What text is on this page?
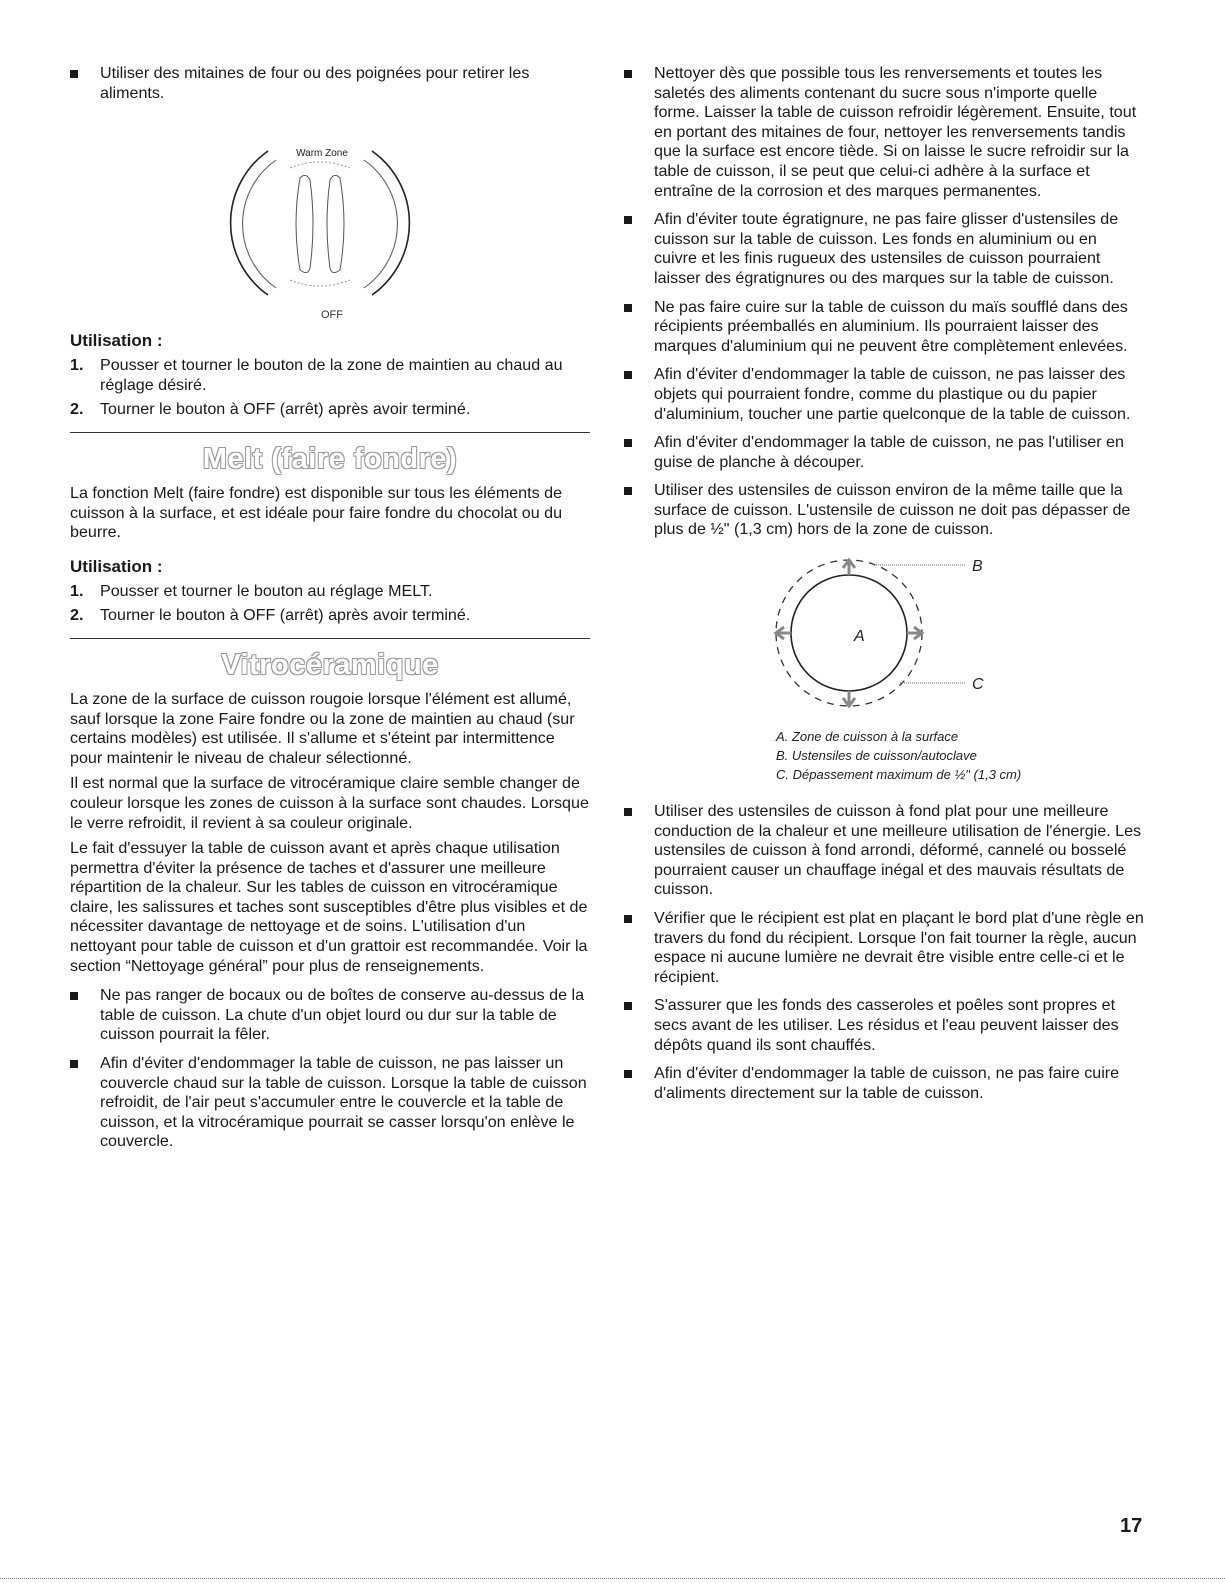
Utiliser des mitaines de four ou des poignées pour retirer les aliments.
Warm Zone
OFF
Utilisation :
1. Pousser et tourner le bouton de la zone de maintien au chaud au réglage désiré.
2. Tourner le bouton à OFF (arrêt) après avoir terminé.
Melt (faire fondre)

La fonction Melt (faire fondre) est disponible sur tous les éléments de cuisson à la surface, et est idéale pour faire fondre du chocolat ou du beurre.

Utilisation :
1. Pousser et tourner le bouton au réglage MELT.
2. Tourner le bouton à OFF (arrêt) après avoir terminé.
Vitrocéramique

La zone de la surface de cuisson rougoie lorsque l'élément est allumé, sauf lorsque la zone Faire fondre ou la zone de maintien au chaud (sur certains modèles) est utilisée. Il s'allume et s'éteint par intermittence pour maintenir le niveau de chaleur sélectionné.

Il est normal que la surface de vitrocéramique claire semble changer de couleur lorsque les zones de cuisson à la surface sont chaudes. Lorsque le verre refroidit, il revient à sa couleur originale.

Le fait d'essuyer la table de cuisson avant et après chaque utilisation permettra d'éviter la présence de taches et d'assurer une meilleure répartition de la chaleur. Sur les tables de cuisson en vitrocéramique claire, les salissures et taches sont susceptibles d'être plus visibles et de nécessiter davantage de nettoyage et de soins. L'utilisation d'un nettoyant pour table de cuisson et d'un grattoir est recommandée. Voir la section “Nettoyage général” pour plus de renseignements.

Ne pas ranger de bocaux ou de boîtes de conserve au-dessus de la table de cuisson. La chute d'un objet lourd ou dur sur la table de cuisson pourrait la fêler.
Afin d'éviter d'endommager la table de cuisson, ne pas laisser un couvercle chaud sur la table de cuisson. Lorsque la table de cuisson refroidit, de l'air peut s'accumuler entre le couvercle et la table de cuisson, et la vitrocéramique pourrait se casser lorsqu'on enlève le couvercle.
Nettoyer dès que possible tous les renversements et toutes les saletés des aliments contenant du sucre sous n'importe quelle forme. Laisser la table de cuisson refroidir légèrement. Ensuite, tout en portant des mitaines de four, nettoyer les renversements tandis que la surface est encore tiède. Si on laisse le sucre refroidir sur la table de cuisson, il se peut que celui-ci adhère à la surface et entraîne de la corrosion et des marques permanentes.
Afin d'éviter toute égratignure, ne pas faire glisser d'ustensiles de cuisson sur la table de cuisson. Les fonds en aluminium ou en cuivre et les finis rugueux des ustensiles de cuisson pourraient laisser des égratignures ou des marques sur la table de cuisson.
Ne pas faire cuire sur la table de cuisson du maïs soufflé dans des récipients préemballés en aluminium. Ils pourraient laisser des marques d'aluminium qui ne peuvent être complètement enlevées.
Afin d'éviter d'endommager la table de cuisson, ne pas laisser des objets qui pourraient fondre, comme du plastique ou du papier d'aluminium, toucher une partie quelconque de la table de cuisson.
Afin d'éviter d'endommager la table de cuisson, ne pas l'utiliser en guise de planche à découper.
Utiliser des ustensiles de cuisson environ de la même taille que la surface de cuisson. L'ustensile de cuisson ne doit pas dépasser de plus de ½" (1,3 cm) hors de la zone de cuisson.
A
B
C
A. Zone de cuisson à la surface
B. Ustensiles de cuisson/autoclave
C. Dépassement maximum de ½" (1,3 cm)
Utiliser des ustensiles de cuisson à fond plat pour une meilleure conduction de la chaleur et une meilleure utilisation de l'énergie. Les ustensiles de cuisson à fond arrondi, déformé, cannelé ou bosselé pourraient causer un chauffage inégal et des mauvais résultats de cuisson.
Vérifier que le récipient est plat en plaçant le bord plat d'une règle en travers du fond du récipient. Lorsque l'on fait tourner la règle, aucun espace ni aucune lumière ne devrait être visible entre celle-ci et le récipient.
S'assurer que les fonds des casseroles et poêles sont propres et secs avant de les utiliser. Les résidus et l'eau peuvent laisser des dépôts quand ils sont chauffés.
Afin d'éviter d'endommager la table de cuisson, ne pas faire cuire d'aliments directement sur la table de cuisson.
17
